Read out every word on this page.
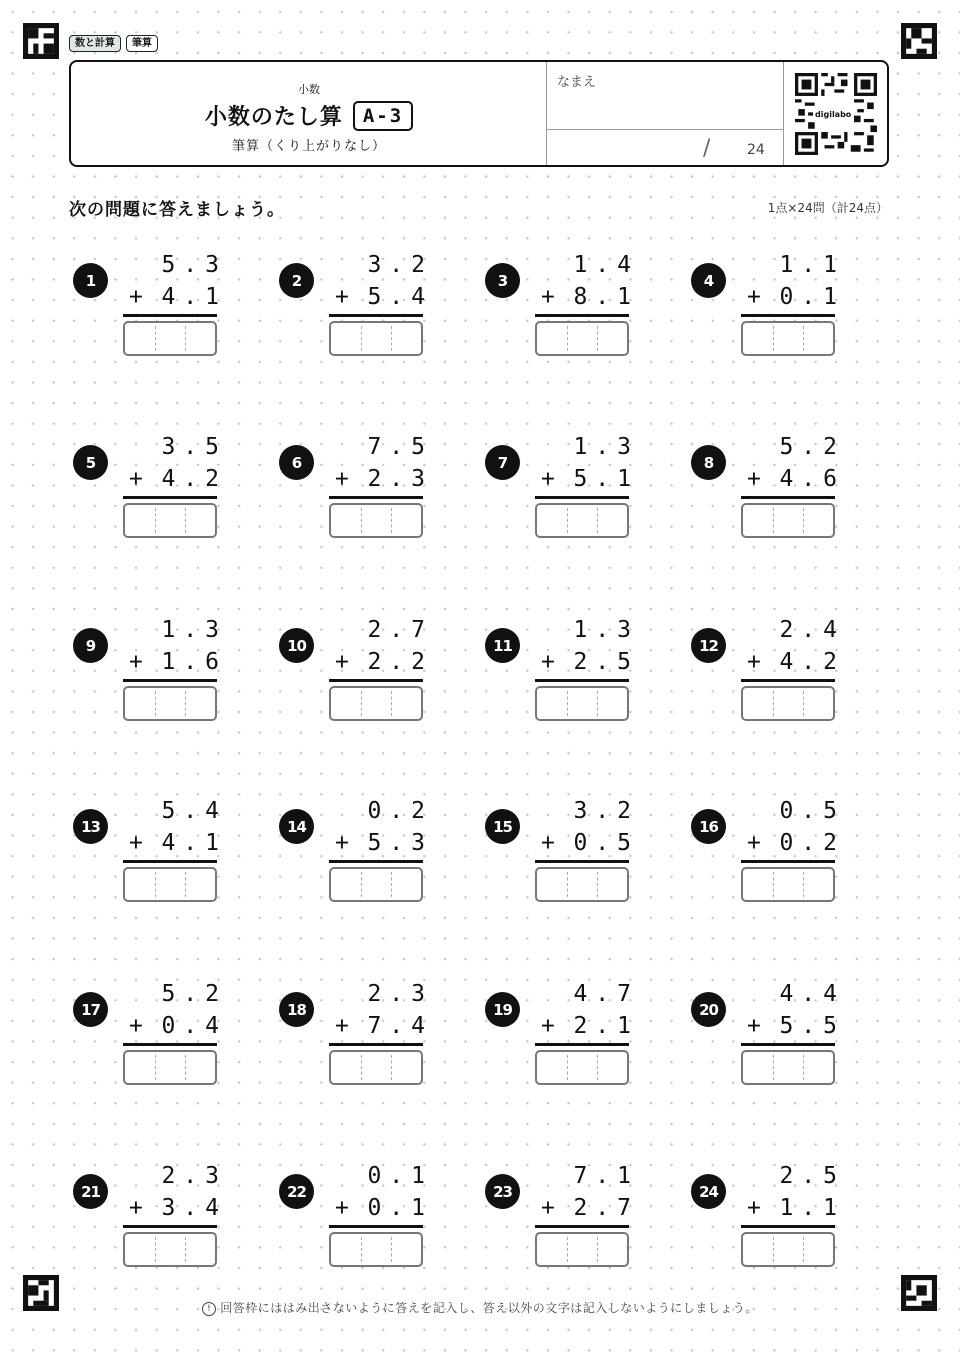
数と計算	筆算
小数
小数のたし算	A-3
筆算（くり上がりなし）
なまえ
/	24
digilabo
次の問題に答えましょう。	1点×24問（計24点）
1
5.3
+ 4.1
2
3.2
+ 5.4
3
1.4
+ 8.1
4
1.1
+ 0.1
5
3.5
+ 4.2
6
7.5
+ 2.3
7
1.3
+ 5.1
8
5.2
+ 4.6
9
1.3
+ 1.6
10
2.7
+ 2.2
11
1.3
+ 2.5
12
2.4
+ 4.2
13
5.4
+ 4.1
14
0.2
+ 5.3
15
3.2
+ 0.5
16
0.5
+ 0.2
17
5.2
+ 0.4
18
2.3
+ 7.4
19
4.7
+ 2.1
20
4.4
+ 5.5
21
2.3
+ 3.4
22
0.1
+ 0.1
23
7.1
+ 2.7
24
2.5
+ 1.1
! 回答枠にははみ出さないように答えを記入し、答え以外の文字は記入しないようにしましょう。
